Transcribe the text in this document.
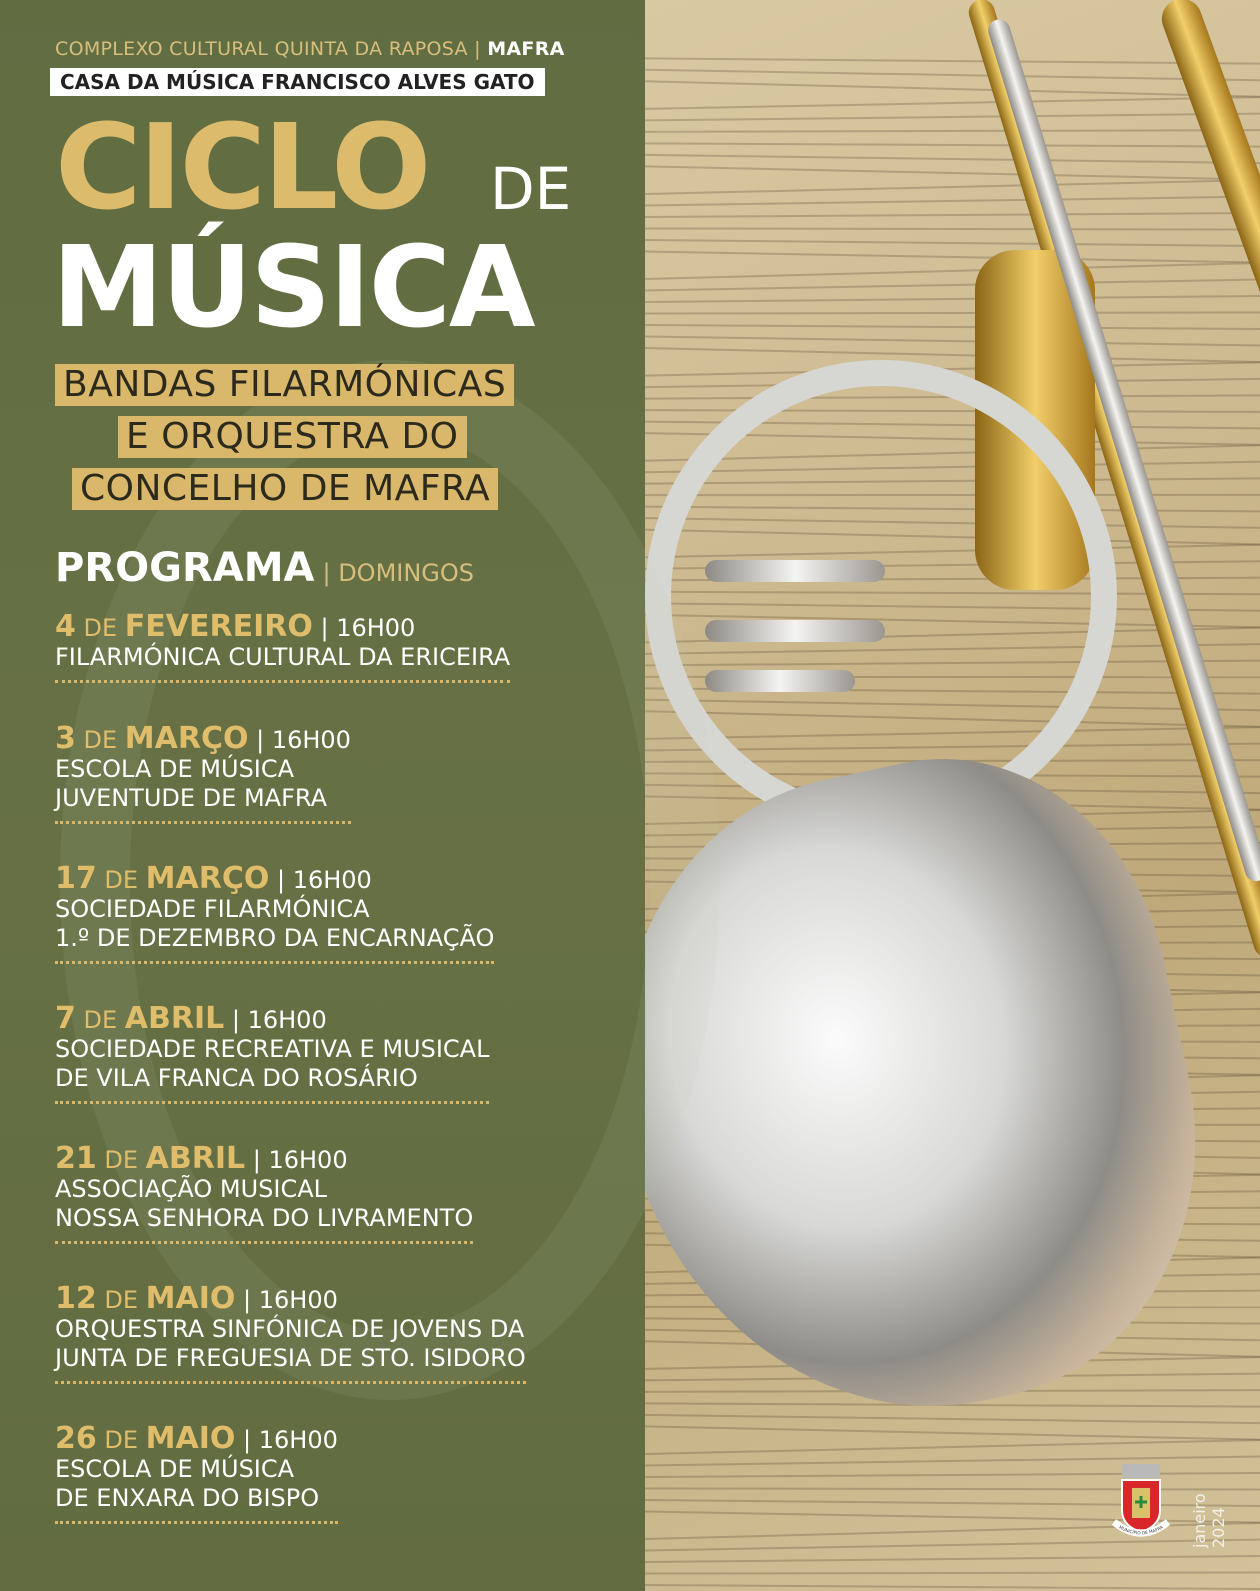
COMPLEXO CULTURAL QUINTA DA RAPOSA | MAFRA
CASA DA MÚSICA FRANCISCO ALVES GATO
CICLO DE
MÚSICA
BANDAS FILARMÓNICAS
E ORQUESTRA DO
CONCELHO DE MAFRA
PROGRAMA | DOMINGOS
4 DE FEVEREIRO | 16H00
FILARMÓNICA CULTURAL DA ERICEIRA
3 DE MARÇO | 16H00
ESCOLA DE MÚSICA
JUVENTUDE DE MAFRA
17 DE MARÇO | 16H00
SOCIEDADE FILARMÓNICA
1.º DE DEZEMBRO DA ENCARNAÇÃO
7 DE ABRIL | 16H00
SOCIEDADE RECREATIVA E MUSICAL
DE VILA FRANCA DO ROSÁRIO
21 DE ABRIL | 16H00
ASSOCIAÇÃO MUSICAL
NOSSA SENHORA DO LIVRAMENTO
12 DE MAIO | 16H00
ORQUESTRA SINFÓNICA DE JOVENS DA
JUNTA DE FREGUESIA DE STO. ISIDORO
26 DE MAIO | 16H00
ESCOLA DE MÚSICA
DE ENXARA DO BISPO
MUNICÍPIO DE MAFRA janeiro 2024
